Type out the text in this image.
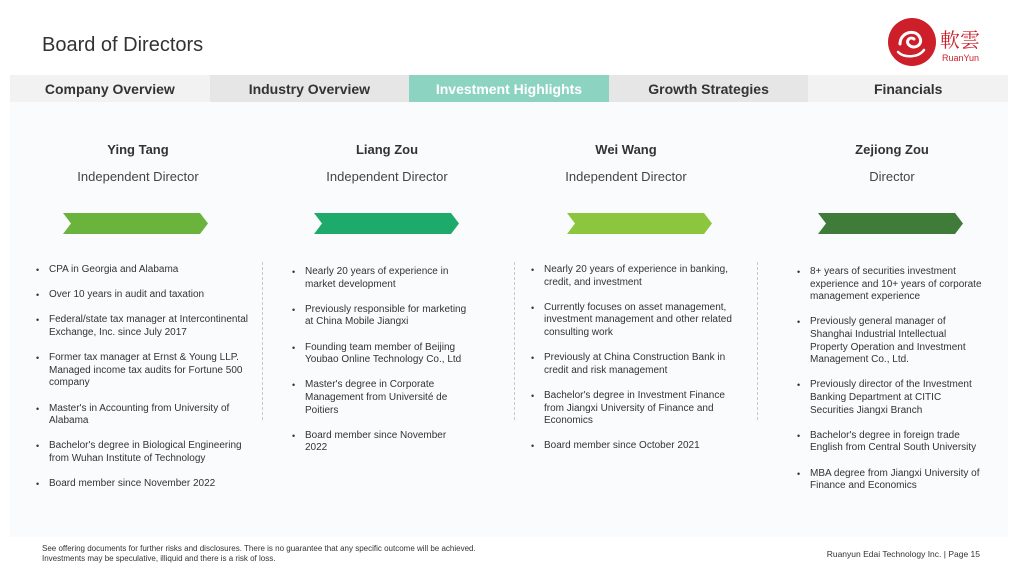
Board of Directors	軟雲
RuanYun
Company Overview	Industry Overview	Investment Highlights	Growth Strategies	Financials
Ying Tang
Independent Director
Liang Zou
Independent Director
Wei Wang
Independent Director
Zejiong Zou
Director
• CPA in Georgia and Alabama
• Over 10 years in audit and taxation
• Federal/state tax manager at Intercontinental Exchange, Inc. since July 2017
• Former tax manager at Ernst & Young LLP. Managed income tax audits for Fortune 500 company
• Master's in Accounting from University of Alabama
• Bachelor's degree in Biological Engineering from Wuhan Institute of Technology
• Board member since November 2022
• Nearly 20 years of experience in market development
• Previously responsible for marketing at China Mobile Jiangxi
• Founding team member of Beijing Youbao Online Technology Co., Ltd
• Master's degree in Corporate Management from Université de Poitiers
• Board member since November 2022
• Nearly 20 years of experience in banking, credit, and investment
• Currently focuses on asset management, investment management and other related consulting work
• Previously at China Construction Bank in credit and risk management
• Bachelor's degree in Investment Finance from Jiangxi University of Finance and Economics
• Board member since October 2021
• 8+ years of securities investment experience and 10+ years of corporate management experience
• Previously general manager of Shanghai Industrial Intellectual Property Operation and Investment Management Co., Ltd.
• Previously director of the Investment Banking Department at CITIC Securities Jiangxi Branch
• Bachelor's degree in foreign trade English from Central South University
• MBA degree from Jiangxi University of Finance and Economics
See offering documents for further risks and disclosures. There is no guarantee that any specific outcome will be achieved.
Investments may be speculative, illiquid and there is a risk of loss.	Ruanyun Edai Technology Inc. | Page 15
